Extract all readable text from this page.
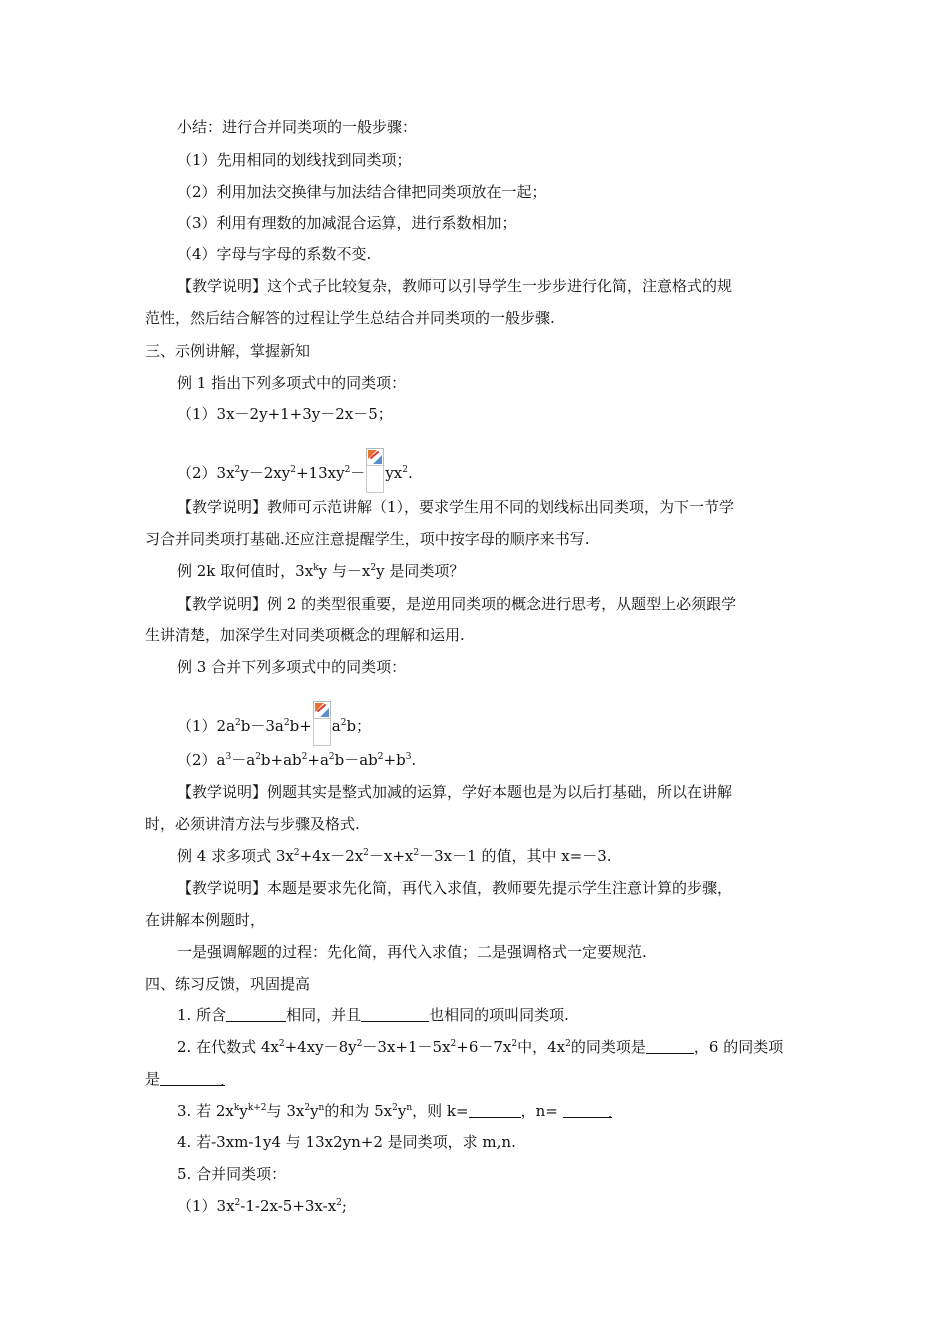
小结：进行合并同类项的一般步骤：
（1）先用相同的划线找到同类项；
（2）利用加法交换律与加法结合律把同类项放在一起；
（3）利用有理数的加减混合运算，进行系数相加；
（4）字母与字母的系数不变.
【教学说明】这个式子比较复杂，教师可以引导学生一步步进行化简，注意格式的规
范性，然后结合解答的过程让学生总结合并同类项的一般步骤.
三、示例讲解，掌握新知
例 1 指出下列多项式中的同类项：
（1）3x－2y+1+3y－2x－5；
$(2)3x^2y-2xy^2+13xy^2- yx^2$.
【教学说明】教师可示范讲解（1），要求学生用不同的划线标出同类项，为下一节学
习合并同类项打基础.还应注意提醒学生，项中按字母的顺序来书写.
例 2k 取何值时，$3x^ky$ 与$-x^2y$ 是同类项？
【教学说明】例 2 的类型很重要，是逆用同类项的概念进行思考，从题型上必须跟学
生讲清楚，加深学生对同类项概念的理解和运用.
例 3 合并下列多项式中的同类项：
$(1)2a^2b-3a^2b+ a^2b$；
$(2)a^3-a^2b+ab^2+a^2b-ab^2+b^3$.
【教学说明】例题其实是整式加减的运算，学好本题也是为以后打基础，所以在讲解
时，必须讲清方法与步骤及格式.
例 4 求多项式 $3x^2+4x-2x^2-x+x^2-3x-1$ 的值，其中 x=－3.
【教学说明】本题是要求先化简，再代入求值，教师要先提示学生注意计算的步骤，
在讲解本例题时，
一是强调解题的过程：先化简，再代入求值；二是强调格式一定要规范.
四、练习反馈，巩固提高
1. 所含	相同，并且	也相同的项叫同类项.
2. 在代数式 $4x^2+4xy-8y^2-3x+1-5x^2+6-7x^2$中，$4x^2$的同类项是	，6 的同类项
是	.
3. 若 $2x^ky^{k+2}$与 $3x^2y^n$的和为 $5x^2y^n$，则 k=	，n=	.
4. 若-3xm-1y4 与 13x2yn+2 是同类项，求 m,n.
5. 合并同类项：
$(1)3x^2-1-2x-5+3x-x^2$;
